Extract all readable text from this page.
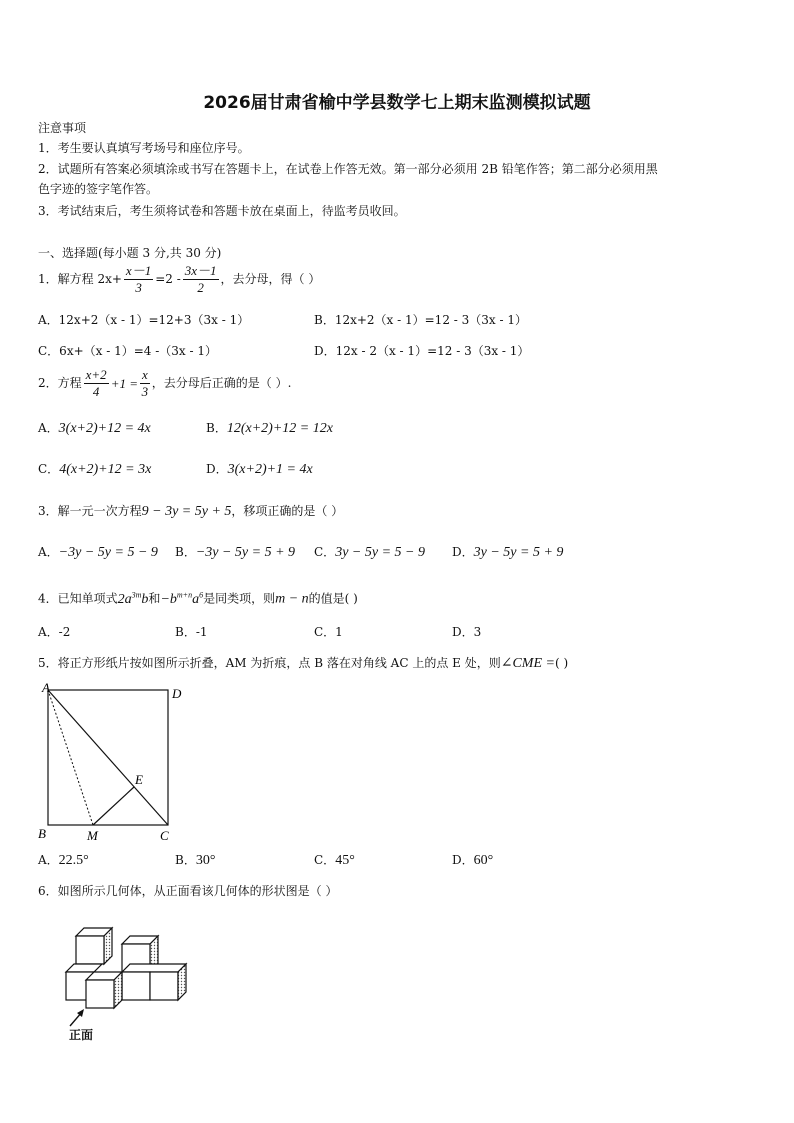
2026届甘肃省榆中学县数学七上期末监测模拟试题
注意事项
1．考生要认真填写考场号和座位序号。
2．试题所有答案必须填涂或书写在答题卡上，在试卷上作答无效。第一部分必须用 2B 铅笔作答；第二部分必须用黑
色字迹的签字笔作答。
3．考试结束后，考生须将试卷和答题卡放在桌面上，待监考员收回。
一、选择题(每小题 3 分,共 30 分)
1．解方程 $2x+ \frac{x-1}{3} =2 - \frac{3x-1}{2}$ ，去分母，得（ ）
A．12x+2（x - 1）=12+3（3x - 1）	B．12x+2（x - 1）=12 - 3（3x - 1）
C．6x+（x - 1）=4 -（3x - 1）	D．12x - 2（x - 1）=12 - 3（3x - 1）
2．方程 $\frac{x+2}{4} +1 = \frac{x}{3}$ ，去分母后正确的是（ ）.
A．3(x+2)+12 = 4x	B．12(x+2)+12 = 12x
C．4(x+2)+12 = 3x	D．3(x+2)+1 = 4x
3．解一元一次方程9 − 3y = 5y + 5，移项正确的是（ ）
A．−3y − 5y = 5 − 9 B．−3y − 5y = 5 + 9 C．3y − 5y = 5 − 9 D．3y − 5y = 5 + 9
4．已知单项式$2a^{3m}b$和$-b^{m+n}a^6$是同类项，则m − n的值是( )
A．-2	B．-1	C．1	D．3
5．将正方形纸片按如图所示折叠，AM 为折痕，点 B 落在对角线 AC 上的点 E 处，则∠CME =( )
A	D
B	C
E
M
A．22.5°	B．30°	C．45°	D．60°
6．如图所示几何体，从正面看该几何体的形状图是（ ）
正面
